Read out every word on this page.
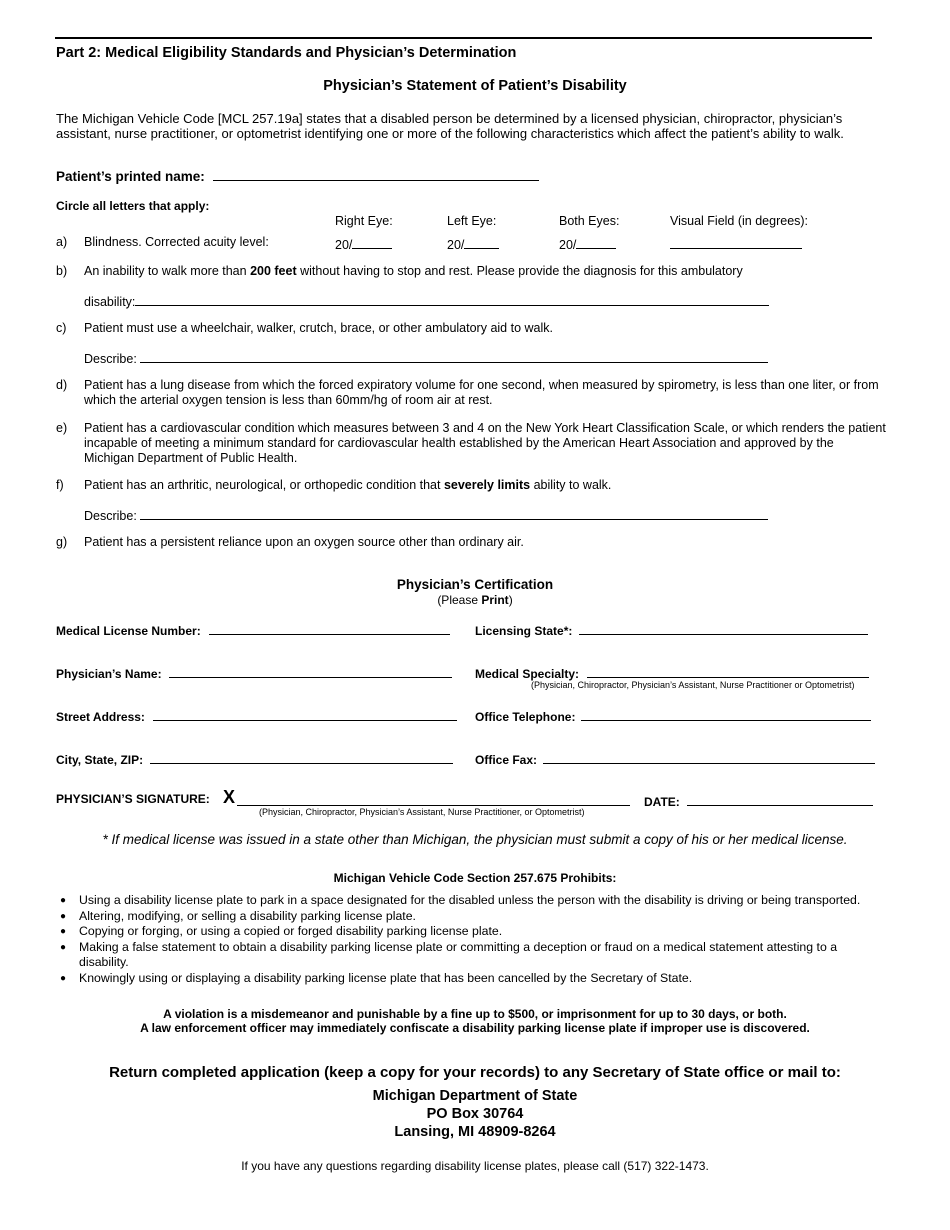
Part 2: Medical Eligibility Standards and Physician’s Determination
Physician’s Statement of Patient’s Disability
The Michigan Vehicle Code [MCL 257.19a] states that a disabled person be determined by a licensed physician, chiropractor, physician’s assistant, nurse practitioner, or optometrist identifying one or more of the following characteristics which affect the patient’s ability to walk.
Patient’s printed name:
Circle all letters that apply:
Right Eye:	Left Eye:	Both Eyes:	Visual Field (in degrees):
a) Blindness. Corrected acuity level:	20/	20/	20/
b) An inability to walk more than 200 feet without having to stop and rest. Please provide the diagnosis for this ambulatory
disability:
c) Patient must use a wheelchair, walker, crutch, brace, or other ambulatory aid to walk.
Describe:
d) Patient has a lung disease from which the forced expiratory volume for one second, when measured by spirometry, is less than one liter, or from which the arterial oxygen tension is less than 60mm/hg of room air at rest.
e) Patient has a cardiovascular condition which measures between 3 and 4 on the New York Heart Classification Scale, or which renders the patient incapable of meeting a minimum standard for cardiovascular health established by the American Heart Association and approved by the Michigan Department of Public Health.
f) Patient has an arthritic, neurological, or orthopedic condition that severely limits ability to walk.
Describe:
g) Patient has a persistent reliance upon an oxygen source other than ordinary air.
Physician’s Certification
(Please Print)
Medical License Number:	Licensing State*:
Physician’s Name:	Medical Specialty:
(Physician, Chiropractor, Physician’s Assistant, Nurse Practitioner or Optometrist)
Street Address:	Office Telephone:
City, State, ZIP:	Office Fax:
PHYSICIAN’S SIGNATURE: X
(Physician, Chiropractor, Physician’s Assistant, Nurse Practitioner, or Optometrist)
DATE:
* If medical license was issued in a state other than Michigan, the physician must submit a copy of his or her medical license.
Michigan Vehicle Code Section 257.675 Prohibits:
● Using a disability license plate to park in a space designated for the disabled unless the person with the disability is driving or being transported.
● Altering, modifying, or selling a disability parking license plate.
● Copying or forging, or using a copied or forged disability parking license plate.
● Making a false statement to obtain a disability parking license plate or committing a deception or fraud on a medical statement attesting to a disability.
● Knowingly using or displaying a disability parking license plate that has been cancelled by the Secretary of State.
A violation is a misdemeanor and punishable by a fine up to $500, or imprisonment for up to 30 days, or both.
A law enforcement officer may immediately confiscate a disability parking license plate if improper use is discovered.
Return completed application (keep a copy for your records) to any Secretary of State office or mail to:
Michigan Department of State
PO Box 30764
Lansing, MI 48909-8264
If you have any questions regarding disability license plates, please call (517) 322-1473.
